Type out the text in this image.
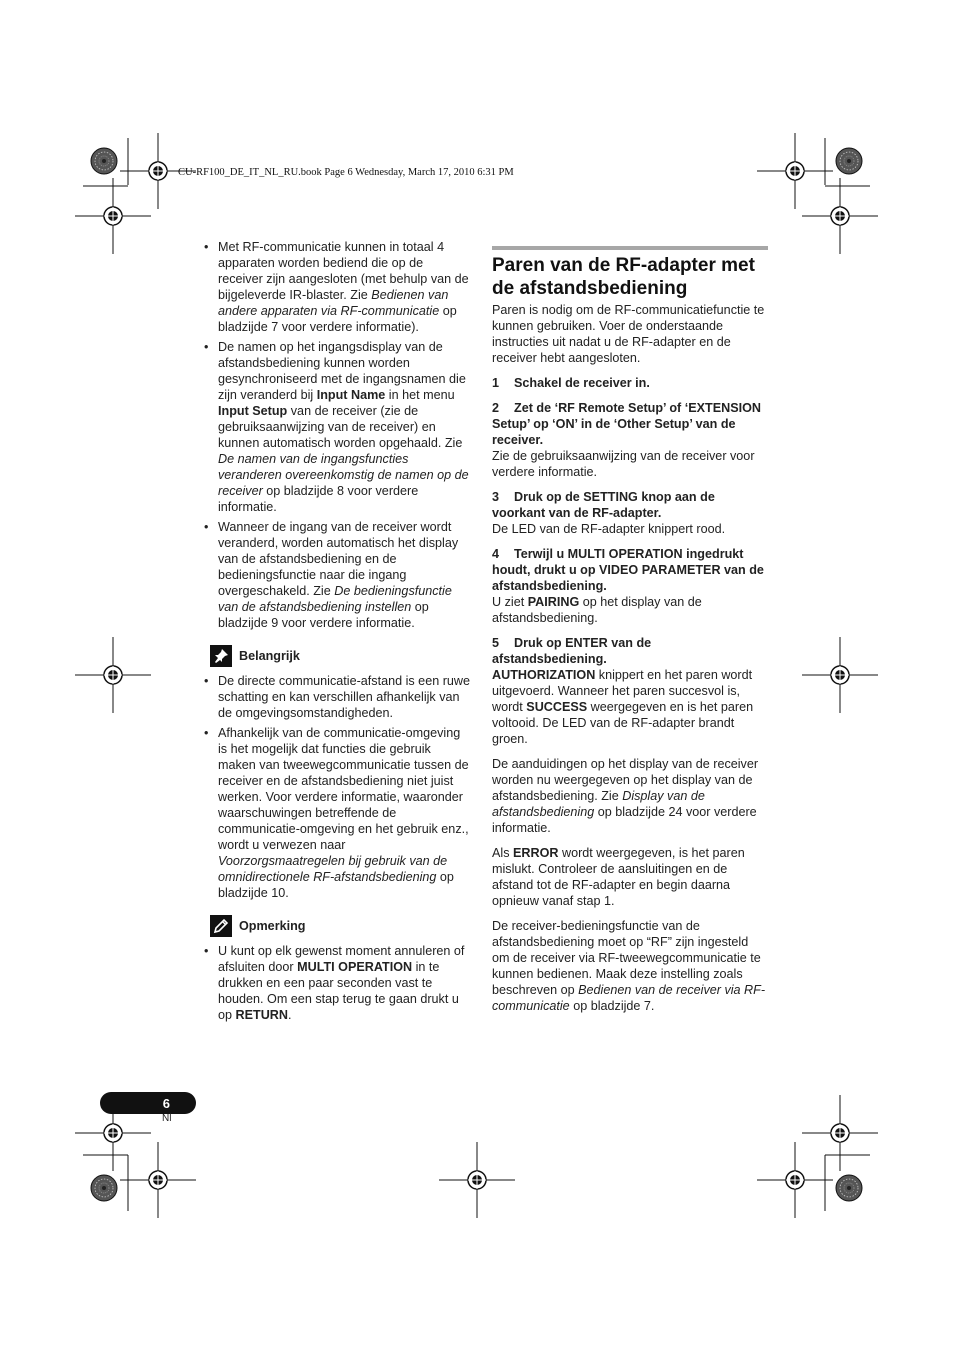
CU-RF100_DE_IT_NL_RU.book Page 6 Wednesday, March 17, 2010 6:31 PM
• Met RF-communicatie kunnen in totaal 4 apparaten worden bediend die op de receiver zijn aangesloten (met behulp van de bijgeleverde IR-blaster. Zie Bedienen van andere apparaten via RF-communicatie op bladzijde 7 voor verdere informatie).
• De namen op het ingangsdisplay van de afstandsbediening kunnen worden gesynchroniseerd met de ingangsnamen die zijn veranderd bij Input Name in het menu Input Setup van de receiver (zie de gebruiksaanwijzing van de receiver) en kunnen automatisch worden opgehaald. Zie De namen van de ingangsfuncties veranderen overeenkomstig de namen op de receiver op bladzijde 8 voor verdere informatie.
• Wanneer de ingang van de receiver wordt veranderd, worden automatisch het display van de afstandsbediening en de bedieningsfunctie naar die ingang overgeschakeld. Zie De bedieningsfunctie van de afstandsbediening instellen op bladzijde 9 voor verdere informatie.
Belangrijk
• De directe communicatie-afstand is een ruwe schatting en kan verschillen afhankelijk van de omgevingsomstandigheden.
• Afhankelijk van de communicatie-omgeving is het mogelijk dat functies die gebruik maken van tweewegcommunicatie tussen de receiver en de afstandsbediening niet juist werken. Voor verdere informatie, waaronder waarschuwingen betreffende de communicatie-omgeving en het gebruik enz., wordt u verwezen naar Voorzorgsmaatregelen bij gebruik van de omnidirectionele RF-afstandsbediening op bladzijde 10.
Opmerking
• U kunt op elk gewenst moment annuleren of afsluiten door MULTI OPERATION in te drukken en een paar seconden vast te houden. Om een stap terug te gaan drukt u op RETURN.
Paren van de RF-adapter met de afstandsbediening

Paren is nodig om de RF-communicatiefunctie te kunnen gebruiken. Voer de onderstaande instructies uit nadat u de RF-adapter en de receiver hebt aangesloten.

1 Schakel de receiver in.

2 Zet de ‘RF Remote Setup’ of ‘EXTENSION Setup’ op ‘ON’ in de ‘Other Setup’ van de receiver.

Zie de gebruiksaanwijzing van de receiver voor verdere informatie.

3 Druk op de SETTING knop aan de voorkant van de RF-adapter.

De LED van de RF-adapter knippert rood.

4 Terwijl u MULTI OPERATION ingedrukt houdt, drukt u op VIDEO PARAMETER van de afstandsbediening.

U ziet PAIRING op het display van de afstandsbediening.

5 Druk op ENTER van de afstandsbediening.

AUTHORIZATION knippert en het paren wordt uitgevoerd. Wanneer het paren succesvol is, wordt SUCCESS weergegeven en is het paren voltooid. De LED van de RF-adapter brandt groen.

De aanduidingen op het display van de receiver worden nu weergegeven op het display van de afstandsbediening. Zie Display van de afstandsbediening op bladzijde 24 voor verdere informatie.

Als ERROR wordt weergegeven, is het paren mislukt. Controleer de aansluitingen en de afstand tot de RF-adapter en begin daarna opnieuw vanaf stap 1.

De receiver-bedieningsfunctie van de afstandsbediening moet op “RF” zijn ingesteld om de receiver via RF-tweewegcommunicatie te kunnen bedienen. Maak deze instelling zoals beschreven op Bedienen van de receiver via RF-communicatie op bladzijde 7.

6
Nl
